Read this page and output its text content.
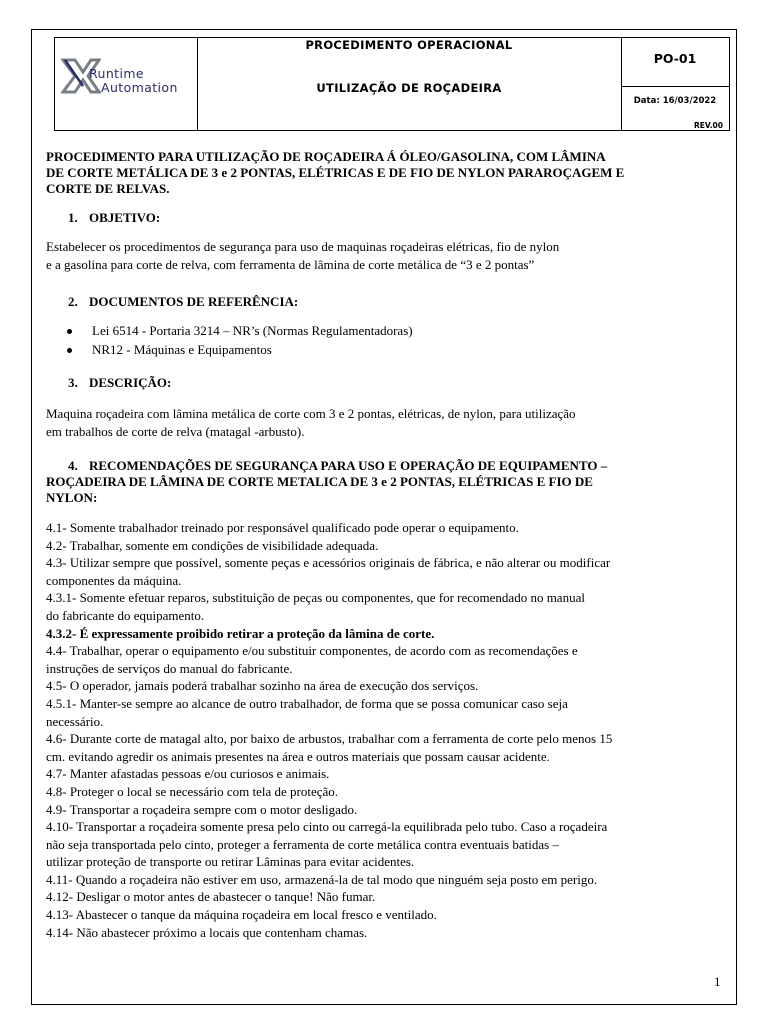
Runtime
Automation
PROCEDIMENTO OPERACIONAL
UTILIZAÇÃO DE ROÇADEIRA
PO-01
Data: 16/03/2022
REV.00
PROCEDIMENTO PARA UTILIZAÇÃO DE ROÇADEIRA Á ÓLEO/GASOLINA, COM LÂMINA
DE CORTE METÁLICA DE 3 e 2 PONTAS, ELÉTRICAS E DE FIO DE NYLON PARAROÇAGEM E
CORTE DE RELVAS.
1. OBJETIVO:
Estabelecer os procedimentos de segurança para uso de maquinas roçadeiras elétricas, fio de nylon
e a gasolina para corte de relva, com ferramenta de lâmina de corte metálica de “3 e 2 pontas”
2. DOCUMENTOS DE REFERÊNCIA:
Lei 6514 - Portaria 3214 – NR’s (Normas Regulamentadoras)
NR12 - Máquinas e Equipamentos
3. DESCRIÇÃO:
Maquina roçadeira com lâmina metálica de corte com 3 e 2 pontas, elétricas, de nylon, para utilização
em trabalhos de corte de relva (matagal -arbusto).
4. RECOMENDAÇÕES DE SEGURANÇA PARA USO E OPERAÇÃO DE EQUIPAMENTO –
ROÇADEIRA DE LÂMINA DE CORTE METALICA DE 3 e 2 PONTAS, ELÉTRICAS E FIO DE
NYLON:
4.1- Somente trabalhador treinado por responsável qualificado pode operar o equipamento.
4.2- Trabalhar, somente em condições de visibilidade adequada.
4.3- Utilizar sempre que possível, somente peças e acessórios originais de fábrica, e não alterar ou modificar
componentes da máquina.
4.3.1- Somente efetuar reparos, substituição de peças ou componentes, que for recomendado no manual
do fabricante do equipamento.
4.3.2- É expressamente proibido retirar a proteção da lâmina de corte.
4.4- Trabalhar, operar o equipamento e/ou substituir componentes, de acordo com as recomendações e
instruções de serviços do manual do fabricante.
4.5- O operador, jamais poderá trabalhar sozinho na área de execução dos serviços.
4.5.1- Manter-se sempre ao alcance de outro trabalhador, de forma que se possa comunicar caso seja
necessário.
4.6- Durante corte de matagal alto, por baixo de arbustos, trabalhar com a ferramenta de corte pelo menos 15
cm. evitando agredir os animais presentes na área e outros materiais que possam causar acidente.
4.7- Manter afastadas pessoas e/ou curiosos e animais.
4.8- Proteger o local se necessário com tela de proteção.
4.9- Transportar a roçadeira sempre com o motor desligado.
4.10- Transportar a roçadeira somente presa pelo cinto ou carregá-la equilibrada pelo tubo. Caso a roçadeira
não seja transportada pelo cinto, proteger a ferramenta de corte metálica contra eventuais batidas –
utilizar proteção de transporte ou retirar Lâminas para evitar acidentes.
4.11- Quando a roçadeira não estiver em uso, armazená-la de tal modo que ninguém seja posto em perigo.
4.12- Desligar o motor antes de abastecer o tanque! Não fumar.
4.13- Abastecer o tanque da máquina roçadeira em local fresco e ventilado.
4.14- Não abastecer próximo a locais que contenham chamas.
1
